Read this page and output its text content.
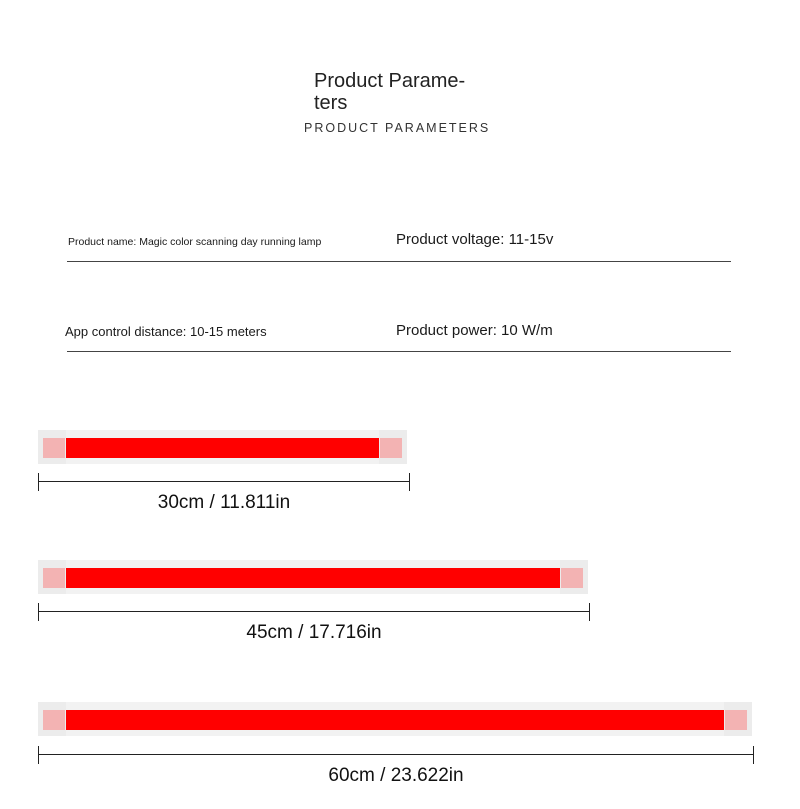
Product Parame-
ters
PRODUCT PARAMETERS
Product name: Magic color scanning day running lamp	Product voltage: 11-15v
App control distance: 10-15 meters	Product power: 10 W/m
30cm / 11.811in
45cm / 17.716in
60cm / 23.622in
